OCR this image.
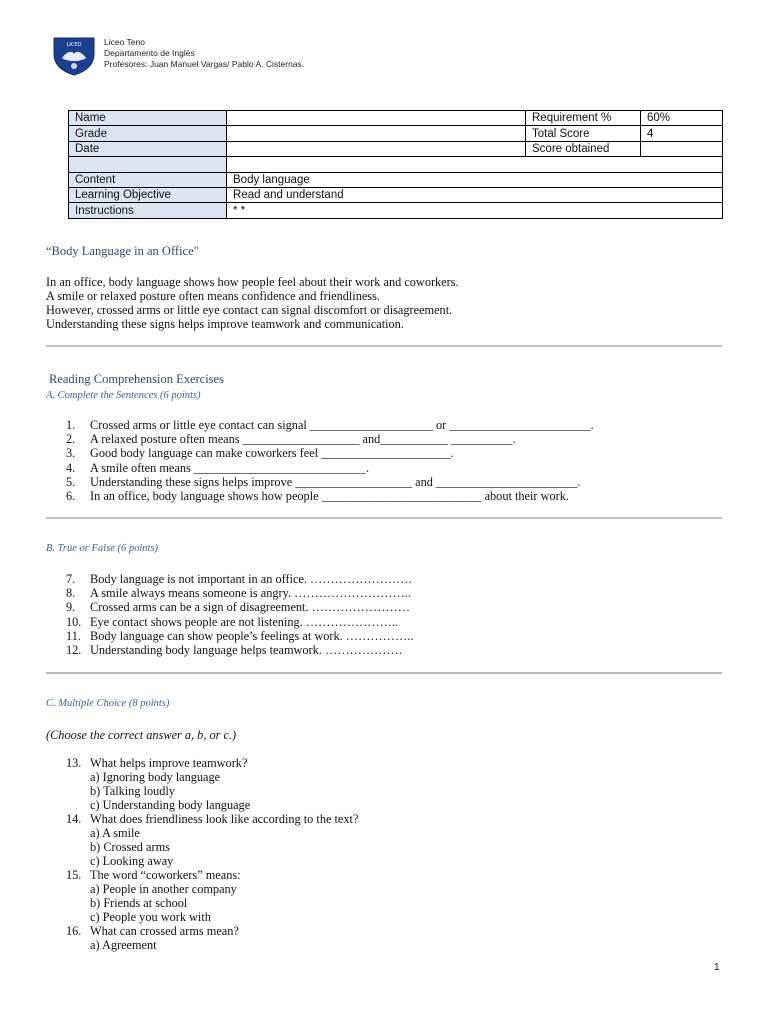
LICEO	Liceo Teno
Departamento de Inglés
Profesores: Juan Manuel Vargas/ Pablo A. Cisternas.
Name		Requirement %	60%
Grade		Total Score	4
Date		Score obtained	

Content	Body language		
Learning Objective	Read and understand		
Instructions	* *		
“Body Language in an Office"

In an office, body language shows how people feel about their work and coworkers.

A smile or relaxed posture often means confidence and friendliness.

However, crossed arms or little eye contact can signal discomfort or disagreement.

Understanding these signs helps improve teamwork and communication.

Reading Comprehension Exercises
A. Complete the Sentences (6 points)
1.	Crossed arms or little eye contact can signal ____________________ or _______________________.
2.	A relaxed posture often means ___________________ and___________ __________.
3.	Good body language can make coworkers feel _____________________.
4.	A smile often means ____________________________.
5.	Understanding these signs helps improve ___________________ and _______________________.
6.	In an office, body language shows how people __________________________ about their work.
B. True or False (6 points)
7.	Body language is not important in an office. …………………….
8.	A smile always means someone is angry. ………………………..
9.	Crossed arms can be a sign of disagreement. ……………………
10. Eye contact shows people are not listening. …………………..
11. Body language can show people’s feelings at work. ……………..
12. Understanding body language helps teamwork. ……………….
C. Multiple Choice (8 points)
(Choose the correct answer a, b, or c.)
13. What helps improve teamwork?
a) Ignoring body language
b) Talking loudly
c) Understanding body language
14. What does friendliness look like according to the text?
a) A smile
b) Crossed arms
c) Looking away
15. The word “coworkers” means:
a) People in another company
b) Friends at school
c) People you work with
16. What can crossed arms mean?
a) Agreement
1
